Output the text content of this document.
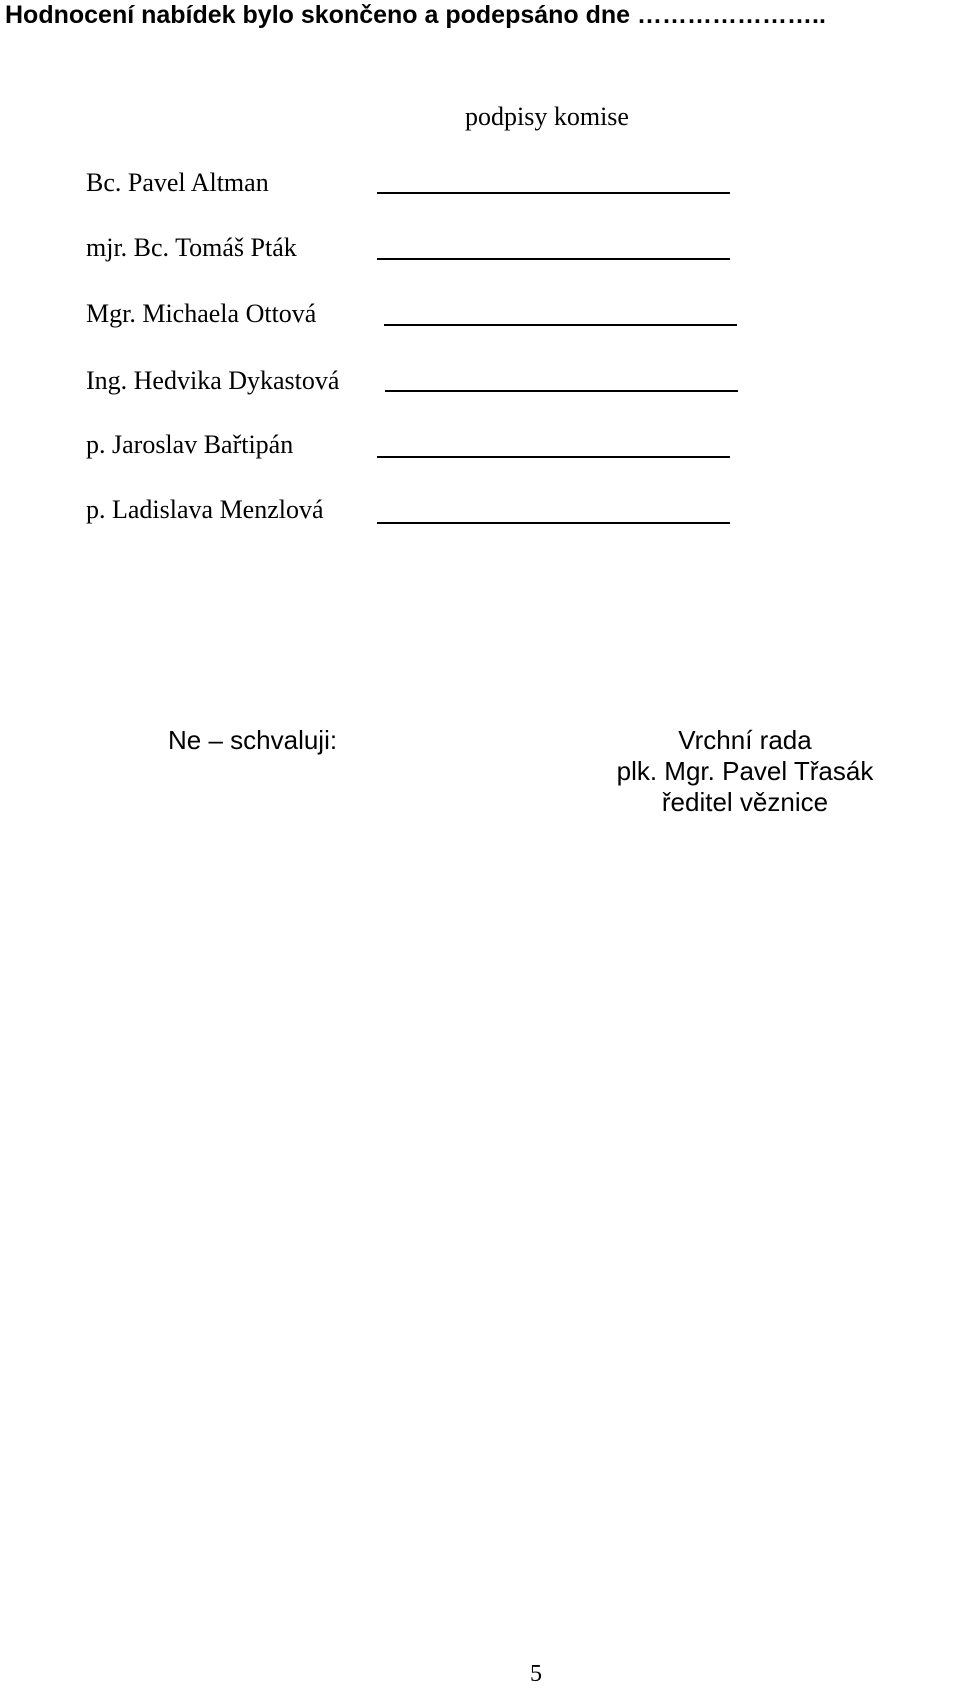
Hodnocení nabídek bylo skončeno a podepsáno dne …………………..
podpisy komise
Bc. Pavel Altman
mjr. Bc. Tomáš Pták
Mgr. Michaela Ottová
Ing. Hedvika Dykastová
p. Jaroslav Bařtipán
p. Ladislava Menzlová
Ne – schvaluji:	Vrchní rada
plk. Mgr. Pavel Třasák
ředitel věznice
5
